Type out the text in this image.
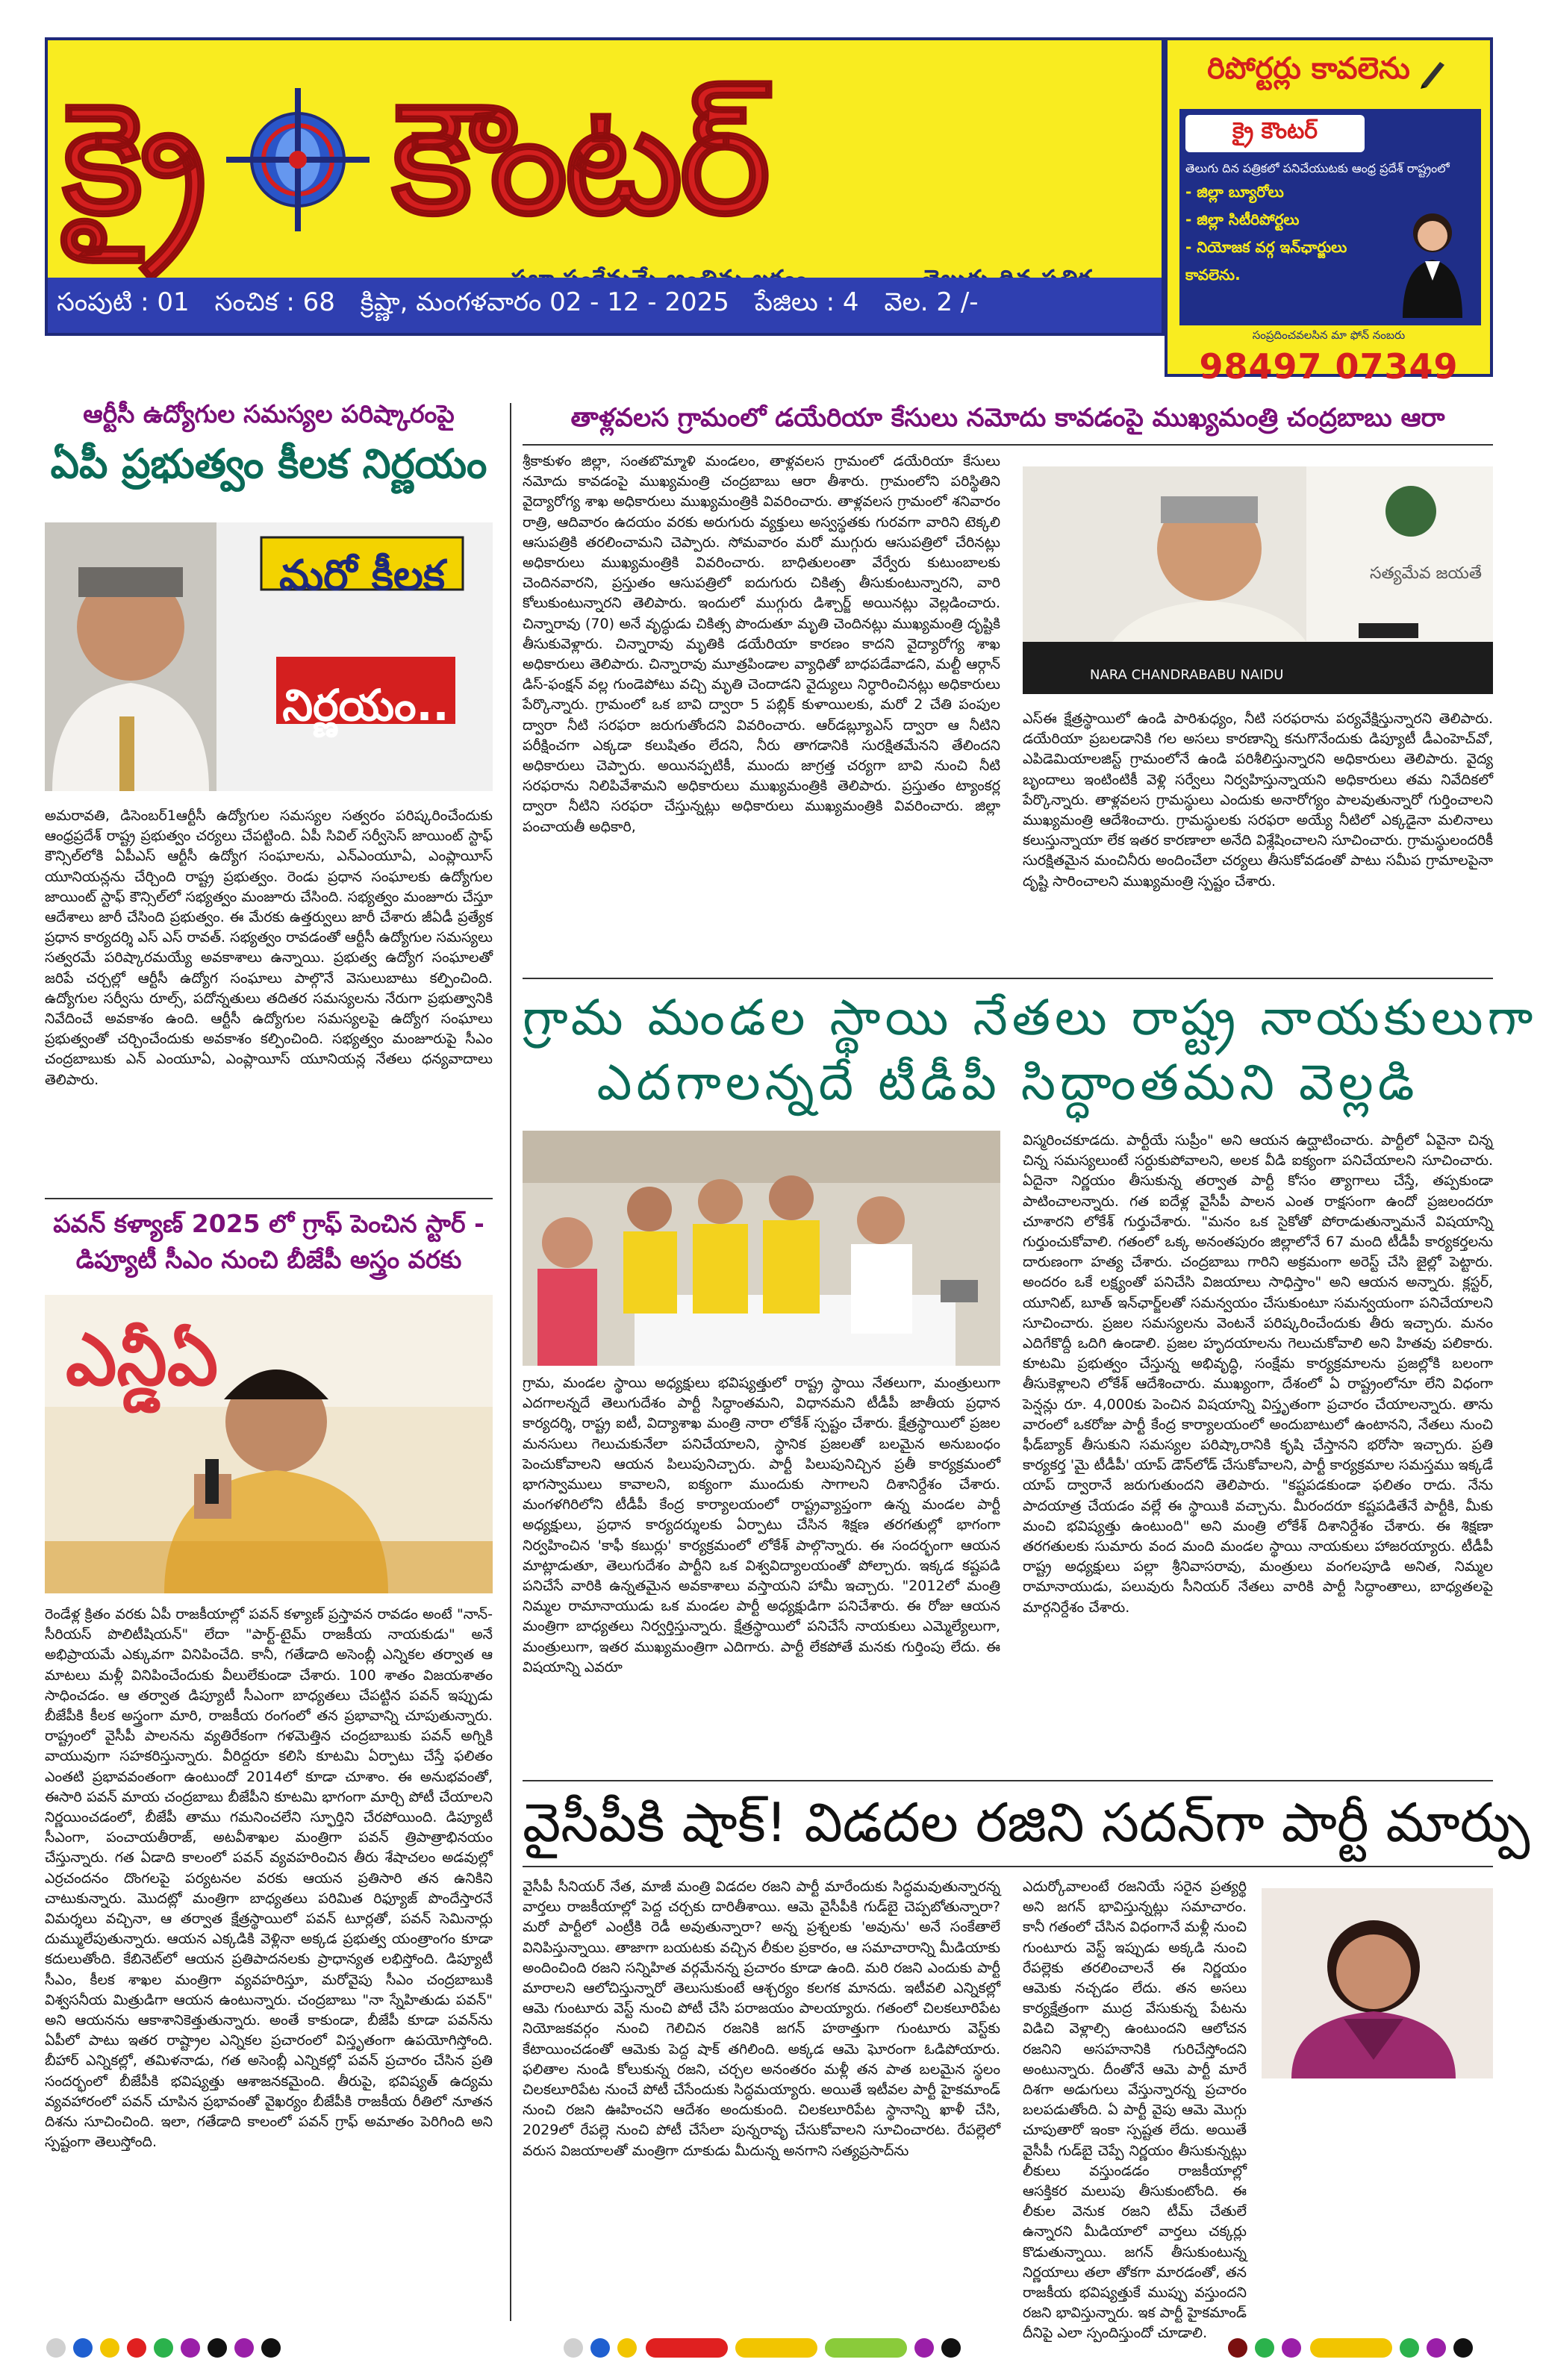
క్రై కౌంటర్
సంపుటి : 01 సంచిక : 68 క్రిష్ణా, మంగళవారం 02 - 12 - 2025 పేజిలు : 4 వెల. 2 /-
రిపోర్టర్లు కావలెను
క్రై కౌంటర్
తెలుగు దిన పత్రికలో పనిచేయుటకు ఆంధ్ర ప్రదేశ్ రాష్ట్రంలో
- జిల్లా బ్యూరోలు
- జిల్లా సిటీరిపోర్టలు
- నియోజక వర్గ ఇన్‌ఛార్జులు
కావలెను.
సంప్రదించవలసిన మా ఫోన్ నంబరు
98497 07349
ఆర్టీసీ ఉద్యోగుల సమస్యల పరిష్కారంపై
ఏపీ ప్రభుత్వం కీలక నిర్ణయం
మరో కీలక
నిర్ణయం..
అమరావతి, డిసెంబర్1ఆర్టీసీ ఉద్యోగుల సమస్యల సత్వరం పరిష్కరించేందుకు ఆంధ్రప్రదేశ్ రాష్ట్ర ప్రభుత్వం చర్యలు చేపట్టింది. ఏపీ సివిల్ సర్వీసెస్ జాయింట్ స్టాఫ్ కౌన్సిల్‌లోకి ఏపీఎస్ ఆర్టీసీ ఉద్యోగ సంఘాలను, ఎన్‌ఎంయూఏ, ఎంప్లాయీస్ యూనియన్లను చేర్చింది రాష్ట్ర ప్రభుత్వం. రెండు ప్రధాన సంఘాలకు ఉద్యోగుల జాయింట్ స్టాఫ్ కౌన్సిల్‌లో సభ్యత్వం మంజూరు చేసింది. సభ్యత్వం మంజూరు చేస్తూ ఆదేశాలు జారీ చేసింది ప్రభుత్వం. ఈ మేరకు ఉత్తర్వులు జారీ చేశారు జీఏడీ ప్రత్యేక ప్రధాన కార్యదర్శి ఎస్ ఎస్ రావత్. సభ్యత్వం రావడంతో ఆర్టీసీ ఉద్యోగుల సమస్యలు సత్వరమే పరిష్కారమయ్యే అవకాశాలు ఉన్నాయి. ప్రభుత్వ ఉద్యోగ సంఘాలతో జరిపే చర్చల్లో ఆర్టీసీ ఉద్యోగ సంఘాలు పాల్గొనే వెసులుబాటు కల్పించింది. ఉద్యోగుల సర్వీసు రూల్స్, పదోన్నతులు తదితర సమస్యలను నేరుగా ప్రభుత్వానికి నివేదించే అవకాశం ఉంది. ఆర్టీసీ ఉద్యోగుల సమస్యలపై ఉద్యోగ సంఘాలు ప్రభుత్వంతో చర్చించేందుకు అవకాశం కల్పించింది. సభ్యత్వం మంజూరుపై సీఎం చంద్రబాబుకు ఎన్ ఎంయూఏ, ఎంప్లాయీస్ యూనియన్ల నేతలు ధన్యవాదాలు తెలిపారు.
తాళ్లవలస గ్రామంలో డయేరియా కేసులు నమోదు కావడంపై ముఖ్యమంత్రి చంద్రబాబు ఆరా
శ్రీకాకుళం జిల్లా, సంతబొమ్మాళి మండలం, తాళ్లవలస గ్రామంలో డయేరియా కేసులు నమోదు కావడంపై ముఖ్యమంత్రి చంద్రబాబు ఆరా తీశారు. గ్రామంలోని పరిస్థితిని వైద్యారోగ్య శాఖ అధికారులు ముఖ్యమంత్రికి వివరించారు. తాళ్లవలస గ్రామంలో శనివారం రాత్రి, ఆదివారం ఉదయం వరకు అరుగురు వ్యక్తులు అస్వస్థతకు గురవగా వారిని టెక్కలి ఆసుపత్రికి తరలించామని చెప్పారు. సోమవారం మరో ముగ్గురు ఆసుపత్రిలో చేరినట్లు అధికారులు ముఖ్యమంత్రికి వివరించారు. బాధితులంతా వేర్వేరు కుటుంబాలకు చెందినవారని, ప్రస్తుతం ఆసుపత్రిలో ఐదుగురు చికిత్స తీసుకుంటున్నారని, వారి కోలుకుంటున్నారని తెలిపారు. ఇందులో ముగ్గురు డిశ్చార్జ్ అయినట్లు వెల్లడించారు. చిన్నారావు (70) అనే వృద్ధుడు చికిత్స పొందుతూ మృతి చెందినట్లు ముఖ్యమంత్రి దృష్టికి తీసుకువెళ్లారు. చిన్నారావు మృతికి డయేరియా కారణం కాదని వైద్యారోగ్య శాఖ అధికారులు తెలిపారు. చిన్నారావు మూత్రపిండాల వ్యాధితో బాధపడేవాడని, మల్టీ ఆర్గాన్ డిస్-ఫంక్షన్ వల్ల గుండెపోటు వచ్చి మృతి చెందాడని వైద్యులు నిర్ధారించినట్లు అధికారులు పేర్కొన్నారు. గ్రామంలో ఒక బావి ద్వారా 5 పబ్లిక్ కుళాయిలకు, మరో 2 చేతి పంపుల ద్వారా నీటి సరఫరా జరుగుతోందని వివరించారు. ఆర్‌డబ్ల్యూఎస్ ద్వారా ఆ నీటిని పరీక్షించగా ఎక్కడా కలుషితం లేదని, నీరు తాగడానికి సురక్షితమేనని తేలిందని అధికారులు చెప్పారు. అయినప్పటికీ, ముందు జాగ్రత్త చర్యగా బావి నుంచి నీటి సరఫరాను నిలిపివేశామని అధికారులు ముఖ్యమంత్రికి తెలిపారు. ప్రస్తుతం ట్యాంకర్ల ద్వారా నీటిని సరఫరా చేస్తున్నట్లు అధికారులు ముఖ్యమంత్రికి వివరించారు. జిల్లా పంచాయతీ అధికారి,
సత్యమేవ జయతే
NARA CHANDRABABU NAIDU
ఎస్ఈ క్షేత్రస్థాయిలో ఉండి పారిశుధ్యం, నీటి సరఫరాను పర్యవేక్షిస్తున్నారని తెలిపారు. డయేరియా ప్రబలడానికి గల అసలు కారణాన్ని కనుగొనేందుకు డిప్యూటీ డీఎంహెచ్‌వో, ఎపిడెమియాలజిస్ట్ గ్రామంలోనే ఉండి పరిశీలిస్తున్నారని అధికారులు తెలిపారు. వైద్య బృందాలు ఇంటింటికీ వెళ్లి సర్వేలు నిర్వహిస్తున్నాయని అధికారులు తమ నివేదికలో పేర్కొన్నారు. తాళ్లవలస గ్రామస్థులు ఎందుకు అనారోగ్యం పాలవుతున్నారో గుర్తించాలని ముఖ్యమంత్రి ఆదేశించారు. గ్రామస్థులకు సరఫరా అయ్యే నీటిలో ఎక్కడైనా మలినాలు కలుస్తున్నాయా లేక ఇతర కారణాలా అనేది విశ్లేషించాలని సూచించారు. గ్రామస్థులందరికీ సురక్షితమైన మంచినీరు అందించేలా చర్యలు తీసుకోవడంతో పాటు సమీప గ్రామాలపైనా దృష్టి సారించాలని ముఖ్యమంత్రి స్పష్టం చేశారు.
గ్రామ మండల స్థాయి నేతలు రాష్ట్ర నాయకులుగా
ఎదగాలన్నదే టీడీపీ సిద్ధాంతమని వెల్లడి
గ్రామ, మండల స్థాయి అధ్యక్షులు భవిష్యత్తులో రాష్ట్ర స్థాయి నేతలుగా, మంత్రులుగా ఎదగాలన్నదే తెలుగుదేశం పార్టీ సిద్ధాంతమని, విధానమని టీడీపీ జాతీయ ప్రధాన కార్యదర్శి, రాష్ట్ర ఐటీ, విద్యాశాఖ మంత్రి నారా లోకేశ్ స్పష్టం చేశారు. క్షేత్రస్థాయిలో ప్రజల మనసులు గెలుచుకునేలా పనిచేయాలని, స్థానిక ప్రజలతో బలమైన అనుబంధం పెంచుకోవాలని ఆయన పిలుపునిచ్చారు. పార్టీ పిలుపునిచ్చిన ప్రతీ కార్యక్రమంలో భాగస్వాములు కావాలని, ఐక్యంగా ముందుకు సాగాలని దిశానిర్దేశం చేశారు. మంగళగిరిలోని టీడీపీ కేంద్ర కార్యాలయంలో రాష్ట్రవ్యాప్తంగా ఉన్న మండల పార్టీ అధ్యక్షులు, ప్రధాన కార్యదర్శులకు ఏర్పాటు చేసిన శిక్షణ తరగతుల్లో భాగంగా నిర్వహించిన 'కాఫీ కబుర్లు' కార్యక్రమంలో లోకేశ్ పాల్గొన్నారు. ఈ సందర్భంగా ఆయన మాట్లాడుతూ, తెలుగుదేశం పార్టీని ఒక విశ్వవిద్యాలయంతో పోల్చారు. ఇక్కడ కష్టపడి పనిచేసే వారికి ఉన్నతమైన అవకాశాలు వస్తాయని హామీ ఇచ్చారు. "2012లో మంత్రి నిమ్మల రామానాయుడు ఒక మండల పార్టీ అధ్యక్షుడిగా పనిచేశారు. ఈ రోజు ఆయన మంత్రిగా బాధ్యతలు నిర్వర్తిస్తున్నారు. క్షేత్రస్థాయిలో పనిచేసే నాయకులు ఎమ్మెల్యేలుగా, మంత్రులుగా, ఇతర ముఖ్యమంత్రిగా ఎదిగారు. పార్టీ లేకపోతే మనకు గుర్తింపు లేదు. ఈ విషయాన్ని ఎవరూ
విస్మరించకూడదు. పార్టీయే సుప్రీం" అని ఆయన ఉద్ఘాటించారు. పార్టీలో ఏవైనా చిన్న చిన్న సమస్యలుంటే సర్దుకుపోవాలని, అలక వీడి ఐక్యంగా పనిచేయాలని సూచించారు. ఏదైనా నిర్ణయం తీసుకున్న తర్వాత పార్టీ కోసం త్యాగాలు చేస్తే, తప్పకుండా పాటించాలన్నారు. గత ఐదేళ్ల వైసీపీ పాలన ఎంత రాక్షసంగా ఉందో ప్రజలందరూ చూశారని లోకేశ్ గుర్తుచేశారు. "మనం ఒక సైకోతో పోరాడుతున్నామనే విషయాన్ని గుర్తుంచుకోవాలి. గతంలో ఒక్క అనంతపురం జిల్లాలోనే 67 మంది టీడీపీ కార్యకర్తలను దారుణంగా హత్య చేశారు. చంద్రబాబు గారిని అక్రమంగా అరెస్ట్ చేసి జైల్లో పెట్టారు. అందరం ఒకే లక్ష్యంతో పనిచేసి విజయాలు సాధిస్తాం" అని ఆయన అన్నారు. క్లస్టర్, యూనిట్, బూత్ ఇన్‌ఛార్జ్‌లతో సమన్వయం చేసుకుంటూ సమన్వయంగా పనిచేయాలని సూచించారు. ప్రజల సమస్యలను వెంటనే పరిష్కరించేందుకు తీరు ఇచ్చారు. మనం ఎదిగేకొద్దీ ఒదిగి ఉండాలి. ప్రజల హృదయాలను గెలుచుకోవాలి అని హితవు పలికారు. కూటమి ప్రభుత్వం చేస్తున్న అభివృద్ధి, సంక్షేమ కార్యక్రమాలను ప్రజల్లోకి బలంగా తీసుకెళ్లాలని లోకేశ్ ఆదేశించారు. ముఖ్యంగా, దేశంలో ఏ రాష్ట్రంలోనూ లేని విధంగా పెన్షన్లు రూ. 4,000కు పెంచిన విషయాన్ని విస్తృతంగా ప్రచారం చేయాలన్నారు. తాను వారంలో ఒకరోజు పార్టీ కేంద్ర కార్యాలయంలో అందుబాటులో ఉంటానని, నేతలు నుంచి ఫీడ్‌బ్యాక్ తీసుకుని సమస్యల పరిష్కారానికి కృషి చేస్తానని భరోసా ఇచ్చారు. ప్రతి కార్యకర్త 'మై టీడీపీ' యాప్ డౌన్‌లోడ్ చేసుకోవాలని, పార్టీ కార్యక్రమాల సమస్తము ఇక్కడే యాప్ ద్వారానే జరుగుతుందని తెలిపారు. "కష్టపడకుండా ఫలితం రాదు. నేను పాదయాత్ర చేయడం వల్లే ఈ స్థాయికి వచ్చాను. మీరందరూ కష్టపడితేనే పార్టీకి, మీకు మంచి భవిష్యత్తు ఉంటుంది" అని మంత్రి లోకేశ్ దిశానిర్దేశం చేశారు. ఈ శిక్షణా తరగతులకు సుమారు వంద మంది మండల స్థాయి నాయకులు హాజరయ్యారు. టీడీపీ రాష్ట్ర అధ్యక్షులు పల్లా శ్రీనివాసరావు, మంత్రులు వంగలపూడి అనిత, నిమ్మల రామానాయుడు, పలువురు సీనియర్ నేతలు వారికి పార్టీ సిద్ధాంతాలు, బాధ్యతలపై మార్గనిర్దేశం చేశారు.
పవన్ కళ్యాణ్ 2025 లో గ్రాఫ్ పెంచిన స్టార్ -
డిప్యూటీ సీఎం నుంచి బీజేపీ అస్త్రం వరకు
ఎన్డీఏ
రెండేళ్ల క్రితం వరకు ఏపీ రాజకీయాల్లో పవన్ కళ్యాణ్ ప్రస్తావన రావడం అంటే "నాన్-సీరియస్ పొలిటీషియన్" లేదా "పార్ట్-టైమ్ రాజకీయ నాయకుడు" అనే అభిప్రాయమే ఎక్కువగా వినిపించేది. కానీ, గతేడాది అసెంబ్లీ ఎన్నికల తర్వాత ఆ మాటలు మళ్లీ వినిపించేందుకు వీలులేకుండా చేశారు. 100 శాతం విజయశాతం సాధించడం. ఆ తర్వాత డిప్యూటీ సీఎంగా బాధ్యతలు చేపట్టిన పవన్ ఇప్పుడు బీజేపీకి కీలక అస్త్రంగా మారి, రాజకీయ రంగంలో తన ప్రభావాన్ని చూపుతున్నారు. రాష్ట్రంలో వైసీపీ పాలనను వ్యతిరేకంగా గళమెత్తిన చంద్రబాబుకు పవన్ అగ్నికి వాయువుగా సహకరిస్తున్నారు. వీరిద్దరూ కలిసి కూటమి ఏర్పాటు చేస్తే ఫలితం ఎంతటి ప్రభావవంతంగా ఉంటుందో 2014లో కూడా చూశాం. ఈ అనుభవంతో, ఈసారి పవన్ మాయ చంద్రబాబు బీజేపీని కూటమి భాగంగా మార్చి పోటీ చేయాలని నిర్ణయించడంలో, బీజేపీ తాము గమనించలేని స్ఫూర్తిని చేరపోయింది. డిప్యూటీ సీఎంగా, పంచాయతీరాజ్, అటవీశాఖల మంత్రిగా పవన్ త్రిపాత్రాభినయం చేస్తున్నారు. గత ఏడాది కాలంలో పవన్ వ్యవహరించిన తీరు శేషాచలం అడవుల్లో ఎర్రచందనం దొంగలపై పర్యటనల వరకు ఆయన ప్రతిసారి తన ఉనికిని చాటుకున్నారు. మొదట్లో మంత్రిగా బాధ్యతలు పరిమిత రిఫ్యూజ్ పొందేస్తారనే విమర్శలు వచ్చినా, ఆ తర్వాత క్షేత్రస్థాయిలో పవన్ టూర్లతో, పవన్ సెమినార్లు దుమ్ములేపుతున్నారు. ఆయన ఎక్కడికి వెళ్లినా అక్కడ ప్రభుత్వ యంత్రాంగం కూడా కదులుతోంది. కేబినెట్‌లో ఆయన ప్రతిపాదనలకు ప్రాధాన్యత లభిస్తోంది. డిప్యూటీ సీఎం, కీలక శాఖల మంత్రిగా వ్యవహరిస్తూ, మరోవైపు సీఎం చంద్రబాబుకి విశ్వసనీయ మిత్రుడిగా ఆయన ఉంటున్నారు. చంద్రబాబు "నా స్నేహితుడు పవన్" అని ఆయనను ఆకాశానికెత్తుతున్నారు. అంతే కాకుండా, బీజేపీ కూడా పవన్‌ను ఏపీలో పాటు ఇతర రాష్ట్రాల ఎన్నికల ప్రచారంలో విస్తృతంగా ఉపయోగిస్తోంది. బీహార్ ఎన్నికల్లో, తమిళనాడు, గత అసెంబ్లీ ఎన్నికల్లో పవన్ ప్రచారం చేసిన ప్రతి సందర్భంలో బీజేపీకి భవిష్యత్తు ఆశాజనకమైంది. తీరుపై, భవిష్యత్ ఉద్యమ వ్యవహారంలో పవన్ చూపిన ప్రభావంతో వైఖర్యం బీజేపీకి రాజకీయ రీతిలో నూతన దిశను సూచించింది. ఇలా, గతేడాది కాలంలో పవన్ గ్రాఫ్ అమాతం పెరిగింది అని స్పష్టంగా తెలుస్తోంది.
వైసీపీకి షాక్! విడదల రజిని సదన్‌గా పార్టీ మార్పు
వైసీపీ సీనియర్ నేత, మాజీ మంత్రి విడదల రజని పార్టీ మారేందుకు సిద్ధమవుతున్నారన్న వార్తలు రాజకీయాల్లో పెద్ద చర్చకు దారితీశాయి. ఆమె వైసీపీకి గుడ్‌బై చెప్పబోతున్నారా? మరో పార్టీలో ఎంట్రీకి రెడీ అవుతున్నారా? అన్న ప్రశ్నలకు 'అవును' అనే సంకేతాలే వినిపిస్తున్నాయి. తాజాగా బయటకు వచ్చిన లీకుల ప్రకారం, ఆ సమాచారాన్ని మీడియాకు అందించింది రజని సన్నిహిత వర్గమేనన్న ప్రచారం కూడా ఉంది. మరి రజని ఎందుకు పార్టీ మారాలని ఆలోచిస్తున్నారో తెలుసుకుంటే ఆశ్చర్యం కలగక మానదు. ఇటీవలి ఎన్నికల్లో ఆమె గుంటూరు వెస్ట్ నుంచి పోటీ చేసి పరాజయం పాలయ్యారు. గతంలో చిలకలూరిపేట నియోజకవర్గం నుంచి గెలిచిన రజనికి జగన్ హఠాత్తుగా గుంటూరు వెస్ట్‌కు కేటాయించడంతో ఆమెకు పెద్ద షాక్ తగిలింది. అక్కడ ఆమె ఘోరంగా ఓడిపోయారు. ఫలితాల నుండి కోలుకున్న రజని, చర్చల అనంతరం మళ్లీ తన పాత బలమైన స్థలం చిలకలూరిపేట నుంచే పోటీ చేసేందుకు సిద్ధమయ్యారు. అయితే ఇటీవల పార్టీ హైకమాండ్ నుంచి రజని ఊహించని ఆదేశం అందుకుంది. చిలకలూరిపేట స్థానాన్ని ఖాళీ చేసి, 2029లో రేపల్లె నుంచి పోటీ చేసేలా పున్నరావృ చేసుకోవాలని సూచించారట. రేపల్లెలో వరుస విజయాలతో మంత్రిగా దూకుడు మీదున్న అనగాని సత్యప్రసాద్‌ను
ఎదుర్కోవాలంటే రజనియే సరైన ప్రత్యర్థి అని జగన్ భావిస్తున్నట్లు సమాచారం. కానీ గతంలో చేసిన విధంగానే మళ్లీ నుంచి గుంటూరు వెస్ట్ ఇప్పుడు అక్కడి నుంచి రేపల్లెకు తరలించాలనే ఈ నిర్ణయం ఆమెకు నచ్చడం లేదు. తన అసలు కార్యక్షేత్రంగా ముద్ర వేసుకున్న పేటను విడిచి వెళ్లాల్సి ఉంటుందని ఆలోచన రజనిని అసహనానికి గురిచేస్తోందని అంటున్నారు. దీంతోనే ఆమె పార్టీ మారే దిశగా అడుగులు వేస్తున్నారన్న ప్రచారం బలపడుతోంది. ఏ పార్టీ వైపు ఆమె మొగ్గు చూపుతారో ఇంకా స్పష్టత లేదు. అయితే వైసీపీ గుడ్‌బై చెప్పే నిర్ణయం తీసుకున్నట్లు లీకులు వస్తుండడం రాజకీయాల్లో ఆసక్తికర మలుపు తీసుకుంటోంది. ఈ లీకుల వెనుక రజని టీమ్ చేతులే ఉన్నారని మీడియాలో వార్తలు చక్కర్లు కొడుతున్నాయి. జగన్ తీసుకుంటున్న నిర్ణయాలు తలా తోకగా మారడంతో, తన రాజకీయ భవిష్యత్తుకే ముప్పు వస్తుందని రజని భావిస్తున్నారు. ఇక పార్టీ హైకమాండ్ దీనిపై ఎలా స్పందిస్తుందో చూడాలి.
